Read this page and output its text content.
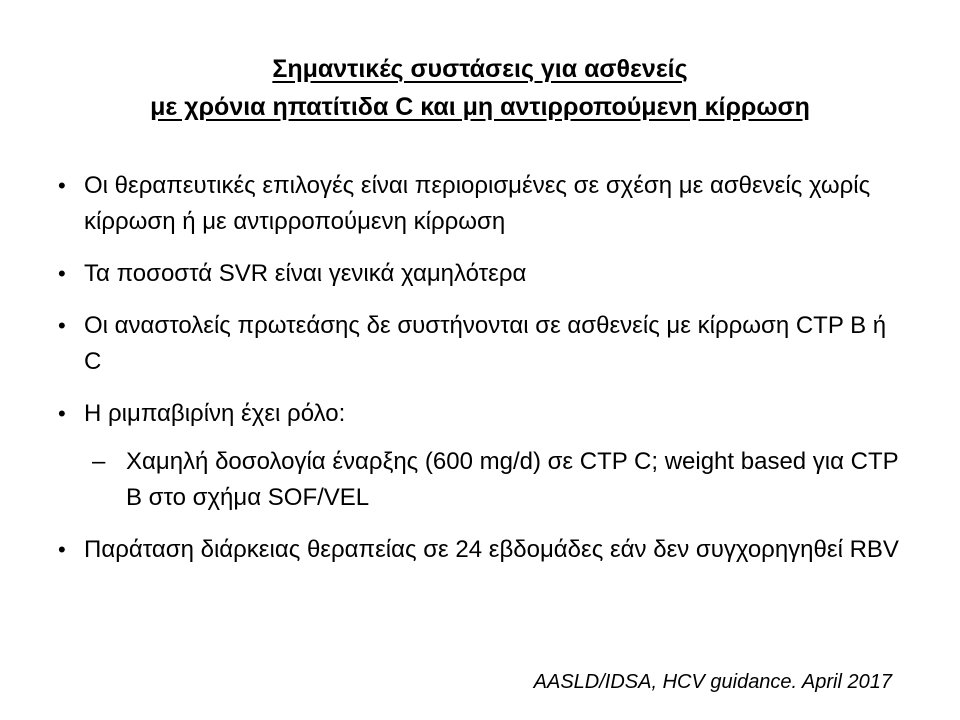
Σημαντικές συστάσεις για ασθενείς
με χρόνια ηπατίτιδα C και μη αντιρροπούμενη κίρρωση
• Οι θεραπευτικές επιλογές είναι περιορισμένες σε σχέση με ασθενείς χωρίς κίρρωση ή με αντιρροπούμενη κίρρωση
• Τα ποσοστά SVR είναι γενικά χαμηλότερα
• Οι αναστολείς πρωτεάσης δε συστήνονται σε ασθενείς με κίρρωση CTP B ή C
• Η ριμπαβιρίνη έχει ρόλο:
– Χαμηλή δοσολογία έναρξης (600 mg/d) σε CTP C; weight based για CTP B στο σχήμα SOF/VEL
• Παράταση διάρκειας θεραπείας σε 24 εβδομάδες εάν δεν συγχορηγηθεί RBV
AASLD/IDSA, HCV guidance. April 2017
